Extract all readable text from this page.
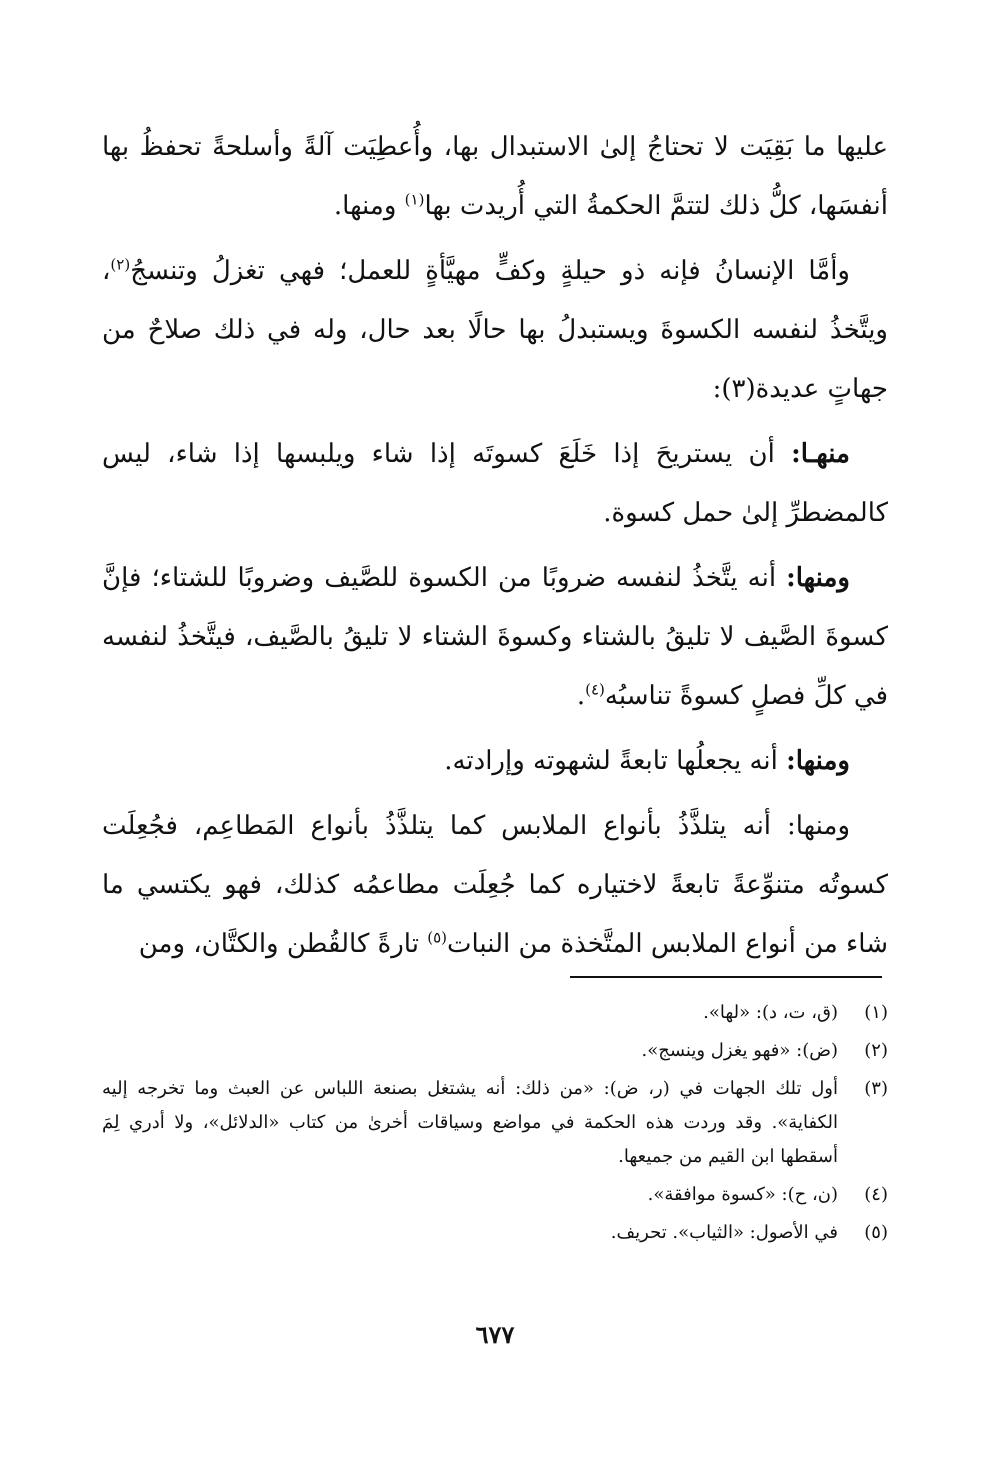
عليها ما بَقِيَت لا تحتاجُ إلىٰ الاستبدال بها، وأُعطِيَت آلةً وأسلحةً تحفظُ بها أنفسَها، كلُّ ذلك لتتمَّ الحكمةُ التي أُريدت بها$^{(١)}$ ومنها.

وأمَّا الإنسانُ فإنه ذو حيلةٍ وكفٍّ مهيَّأةٍ للعمل؛ فهي تغزلُ وتنسجُ$^{(٢)}$، ويتَّخذُ لنفسه الكسوةَ ويستبدلُ بها حالًا بعد حال، وله في ذلك صلاحٌ من جهاتٍ عديدة(٣):

منهـا: أن يستريحَ إذا خَلَعَ كسوتَه إذا شاء ويلبسها إذا شاء، ليس كالمضطرِّ إلىٰ حمل كسوة.

ومنها: أنه يتَّخذُ لنفسه ضروبًا من الكسوة للصَّيف وضروبًا للشتاء؛ فإنَّ كسوةَ الصَّيف لا تليقُ بالشتاء وكسوةَ الشتاء لا تليقُ بالصَّيف، فيتَّخذُ لنفسه في كلِّ فصلٍ كسوةً تناسبُه$^{(٤)}$.

ومنها: أنه يجعلُها تابعةً لشهوته وإرادته.

ومنها: أنه يتلذَّذُ بأنواع الملابس كما يتلذَّذُ بأنواع المَطاعِم، فجُعِلَت كسوتُه متنوِّعةً تابعةً لاختياره كما جُعِلَت مطاعمُه كذلك، فهو يكتسي ما شاء من أنواع الملابس المتَّخذة من النبات$^{(٥)}$ تارةً كالقُطن والكتَّان، ومن

(١)
(ق، ت، د): «لها».
(٢)
(ض): «فهو يغزل وينسج».
(٣)
أول تلك الجهات في (ر، ض): «من ذلك: أنه يشتغل بصنعة اللباس عن العبث وما تخرجه إليه الكفاية». وقد وردت هذه الحكمة في مواضع وسياقات أخرىٰ من كتاب «الدلائل»، ولا أدري لِمَ أسقطها ابن القيم من جميعها.
(٤)
(ن، ح): «كسوة موافقة».
(٥)
في الأصول: «الثياب». تحريف.
٦٧٧
